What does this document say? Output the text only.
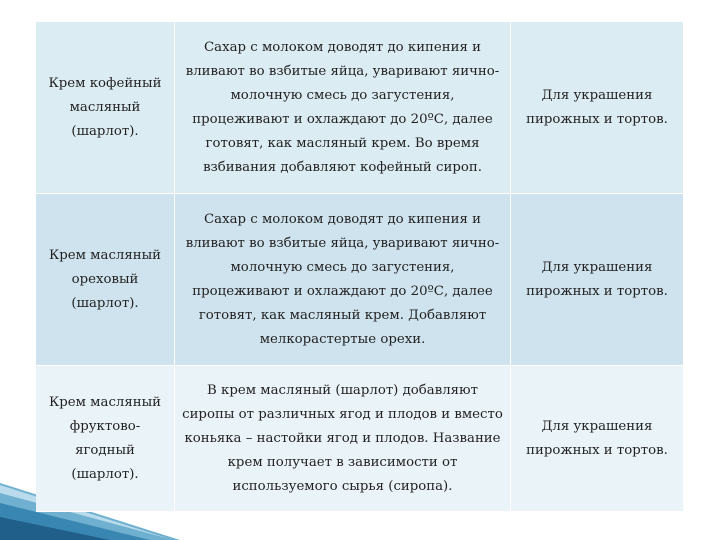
Крем кофейный масляный (шарлот).
Сахар с молоком доводят до кипения и вливают во взбитые яйца, уваривают яично-молочную смесь до загустения, процеживают и охлаждают до 20ºС, далее готовят, как масляный крем. Во время взбивания добавляют кофейный сироп.
Для украшения пирожных и тортов.
Крем масляный ореховый (шарлот).
Сахар с молоком доводят до кипения и вливают во взбитые яйца, уваривают яично-молочную смесь до загустения, процеживают и охлаждают до 20ºС, далее готовят, как масляный крем. Добавляют мелкорастертые орехи.
Для украшения пирожных и тортов.
Крем масляный фруктово-ягодный (шарлот).
В крем масляный (шарлот) добавляют сиропы от различных ягод и плодов и вместо коньяка – настойки ягод и плодов. Название крем получает в зависимости от используемого сырья (сиропа).
Для украшения пирожных и тортов.
